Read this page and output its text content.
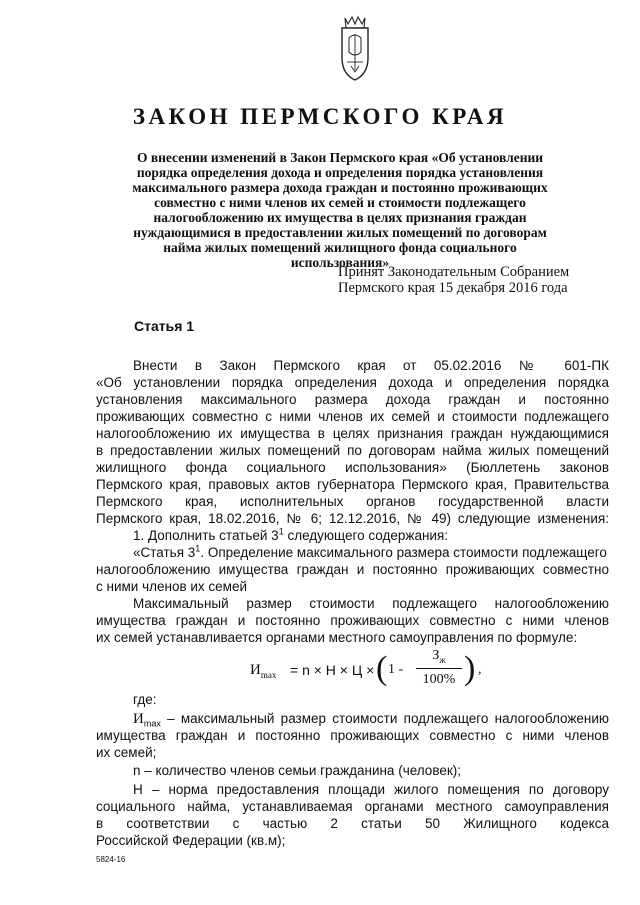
ЗАКОН ПЕРМСКОГО КРАЯ
О внесении изменений в Закон Пермского края «Об установлении
порядка определения дохода и определения порядка установления
максимального размера дохода граждан и постоянно проживающих
совместно с ними членов их семей и стоимости подлежащего
налогообложению их имущества в целях признания граждан
нуждающимися в предоставлении жилых помещений по договорам
найма жилых помещений жилищного фонда социального использования»
Принят Законодательным Собранием
Пермского края 15 декабря 2016 года
Статья 1
Внести в Закон Пермского края от 05.02.2016 № 601-ПК
«Об установлении порядка определения дохода и определения порядка
установления максимального размера дохода граждан и постоянно
проживающих совместно с ними членов их семей и стоимости подлежащего
налогообложению их имущества в целях признания граждан нуждающимися
в предоставлении жилых помещений по договорам найма жилых помещений
жилищного фонда социального использования» (Бюллетень законов
Пермского края, правовых актов губернатора Пермского края, Правительства
Пермского края, исполнительных органов государственной власти
Пермского края, 18.02.2016, № 6; 12.12.2016, № 49) следующие изменения:
1. Дополнить статьей $3^1$ следующего содержания:
«Статья $3^1$. Определение максимального размера стоимости подлежащего
налогообложению имущества граждан и постоянно проживающих совместно
с ними членов их семей
Максимальный размер стоимости подлежащего налогообложению
имущества граждан и постоянно проживающих совместно с ними членов
их семей устанавливается органами местного самоуправления по формуле:
$И_{max} = n \times Н \times Ц$ × ( 1 -
$З_ж$
100% ) ,
где:
$И_{max}$ – максимальный размер стоимости подлежащего налогообложению
имущества граждан и постоянно проживающих совместно с ними членов
их семей;
n – количество членов семьи гражданина (человек);
Н – норма предоставления площади жилого помещения по договору
социального найма, устанавливаемая органами местного самоуправления
в соответствии с частью 2 статьи 50 Жилищного кодекса
Российской Федерации (кв.м);
5824-16
